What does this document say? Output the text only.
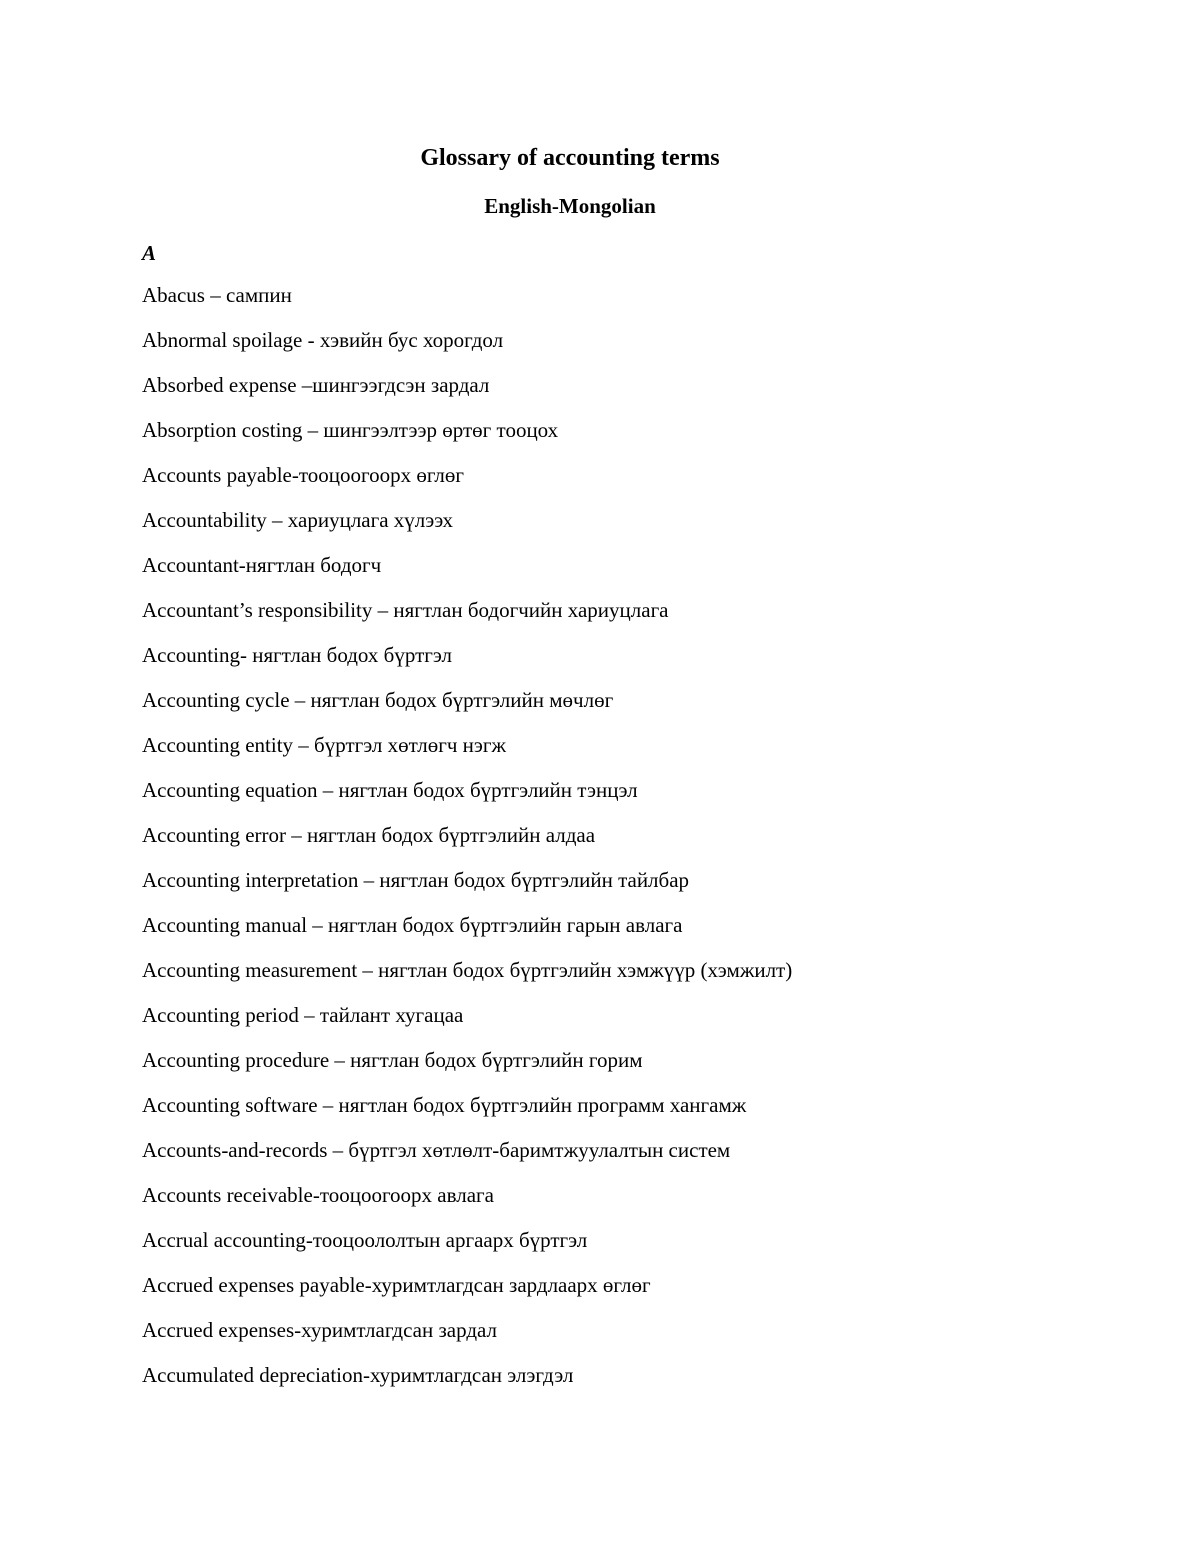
Glossary of accounting terms
English-Mongolian
A
Abacus – сампин
Abnormal spoilage - хэвийн бус хорогдол
Absorbed expense –шингээгдсэн зардал
Absorption costing – шингээлтээр өртөг тооцох
Accounts payable-тооцоогоорх өглөг
Accountability – хариуцлага хүлээх
Accountant-нягтлан бодогч
Accountant’s responsibility – нягтлан бодогчийн хариуцлага
Accounting- нягтлан бодох бүртгэл
Accounting cycle – нягтлан бодох бүртгэлийн мөчлөг
Accounting entity – бүртгэл хөтлөгч нэгж
Accounting equation – нягтлан бодох бүртгэлийн тэнцэл
Accounting error – нягтлан бодох бүртгэлийн алдаа
Accounting interpretation – нягтлан бодох бүртгэлийн тайлбар
Accounting manual – нягтлан бодох бүртгэлийн гарын авлага
Accounting measurement – нягтлан бодох бүртгэлийн хэмжүүр (хэмжилт)
Accounting period – тайлант хугацаа
Accounting procedure – нягтлан бодох бүртгэлийн горим
Accounting software – нягтлан бодох бүртгэлийн программ хангамж
Accounts-and-records – бүртгэл хөтлөлт-баримтжуулалтын систем
Accounts receivable-тооцоогоорх авлага
Accrual accounting-тооцоололтын аргаарх бүртгэл
Accrued expenses payable-хуримтлагдсан зардлаарх өглөг
Accrued expenses-хуримтлагдсан зардал
Accumulated depreciation-хуримтлагдсан элэгдэл
